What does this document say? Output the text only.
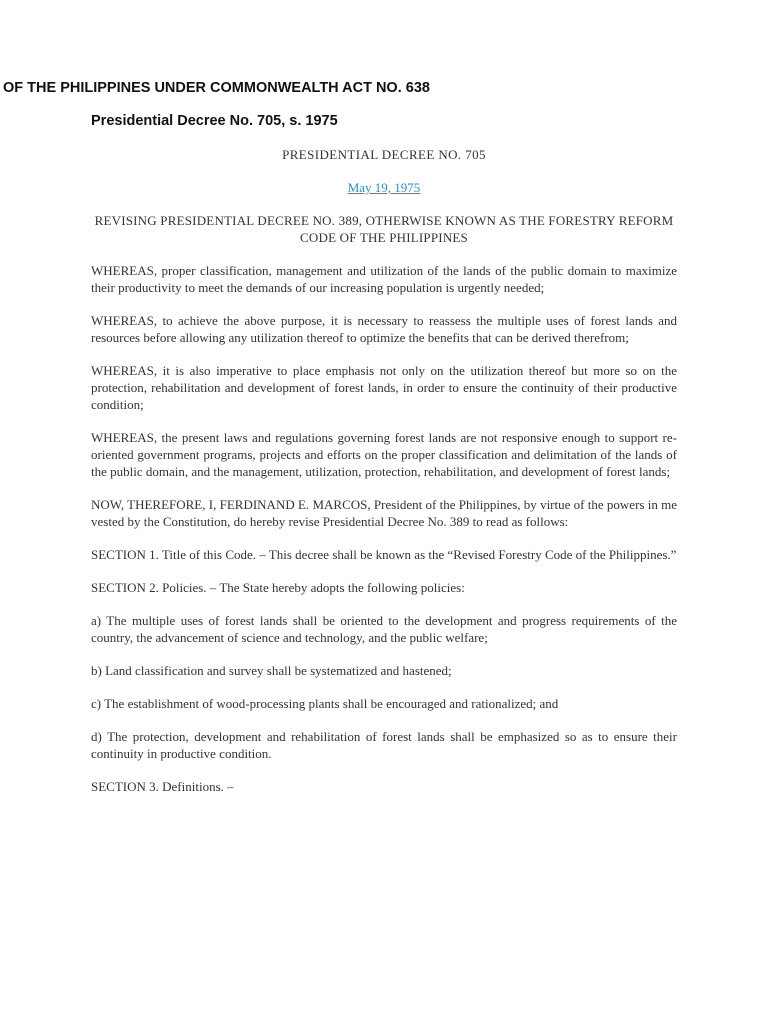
OF THE PHILIPPINES UNDER COMMONWEALTH ACT NO. 638
Presidential Decree No. 705, s. 1975

PRESIDENTIAL DECREE NO. 705

May 19, 1975

REVISING PRESIDENTIAL DECREE NO. 389, OTHERWISE KNOWN AS THE FORESTRY REFORM CODE OF THE PHILIPPINES

WHEREAS, proper classification, management and utilization of the lands of the public domain to maximize their productivity to meet the demands of our increasing population is urgently needed;

WHEREAS, to achieve the above purpose, it is necessary to reassess the multiple uses of forest lands and resources before allowing any utilization thereof to optimize the benefits that can be derived therefrom;

WHEREAS, it is also imperative to place emphasis not only on the utilization thereof but more so on the protection, rehabilitation and development of forest lands, in order to ensure the continuity of their productive condition;

WHEREAS, the present laws and regulations governing forest lands are not responsive enough to support re-oriented government programs, projects and efforts on the proper classification and delimitation of the lands of the public domain, and the management, utilization, protection, rehabilitation, and development of forest lands;

NOW, THEREFORE, I, FERDINAND E. MARCOS, President of the Philippines, by virtue of the powers in me vested by the Constitution, do hereby revise Presidential Decree No. 389 to read as follows:

SECTION 1. Title of this Code. – This decree shall be known as the “Revised Forestry Code of the Philippines.”

SECTION 2. Policies. – The State hereby adopts the following policies:

a) The multiple uses of forest lands shall be oriented to the development and progress requirements of the country, the advancement of science and technology, and the public welfare;

b) Land classification and survey shall be systematized and hastened;

c) The establishment of wood-processing plants shall be encouraged and rationalized; and

d) The protection, development and rehabilitation of forest lands shall be emphasized so as to ensure their continuity in productive condition.

SECTION 3. Definitions. –
